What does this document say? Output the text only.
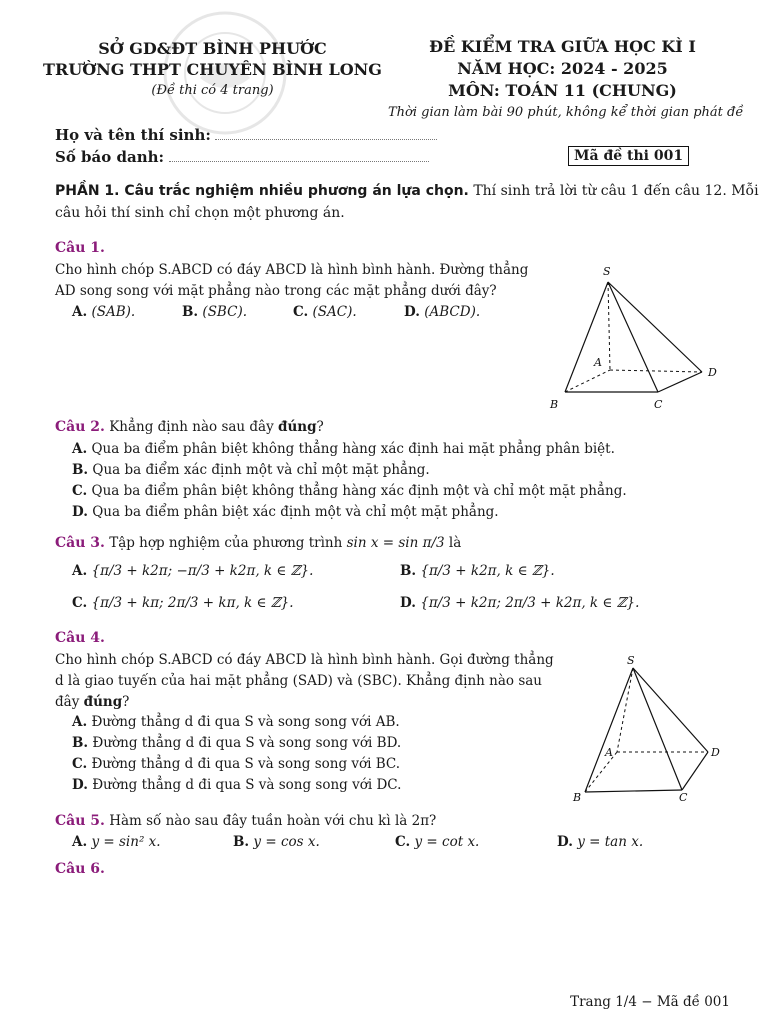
SỞ GD&ĐT BÌNH PHƯỚC
TRƯỜNG THPT CHUYÊN BÌNH LONG
(Đề thi có 4 trang)
ĐỀ KIỂM TRA GIỮA HỌC KÌ I
NĂM HỌC: 2024 - 2025
MÔN: TOÁN 11 (CHUNG)
Thời gian làm bài 90 phút, không kể thời gian phát đề
Họ và tên thí sinh:
Số báo danh:	Mã đề thi 001
PHẦN 1. Câu trắc nghiệm nhiều phương án lựa chọn. Thí sinh trả lời từ câu 1 đến câu 12. Mỗi
câu hỏi thí sinh chỉ chọn một phương án.
Câu 1.
Cho hình chóp S.ABCD có đáy ABCD là hình bình hành. Đường thẳng
AD song song với mặt phẳng nào trong các mặt phẳng dưới đây?
A. (SAB).	B. (SBC).	C. (SAC).	D. (ABCD).
S
A
D
B	C
Câu 2. Khẳng định nào sau đây đúng?
A. Qua ba điểm phân biệt không thẳng hàng xác định hai mặt phẳng phân biệt.
B. Qua ba điểm xác định một và chỉ một mặt phẳng.
C. Qua ba điểm phân biệt không thẳng hàng xác định một và chỉ một mặt phẳng.
D. Qua ba điểm phân biệt xác định một và chỉ một mặt phẳng.
Câu 3. Tập hợp nghiệm của phương trình sin x = sin π/3 là
A. {π/3 + k2π; −π/3 + k2π, k ∈ ℤ}.	B. {π/3 + k2π, k ∈ ℤ}.
C. {π/3 + kπ; 2π/3 + kπ, k ∈ ℤ}.	D. {π/3 + k2π; 2π/3 + k2π, k ∈ ℤ}.
Câu 4.
Cho hình chóp S.ABCD có đáy ABCD là hình bình hành. Gọi đường thẳng
d là giao tuyến của hai mặt phẳng (SAD) và (SBC). Khẳng định nào sau
đây đúng?
A. Đường thẳng d đi qua S và song song với AB.
B. Đường thẳng d đi qua S và song song với BD.
C. Đường thẳng d đi qua S và song song với BC.
D. Đường thẳng d đi qua S và song song với DC.
S
A	D
B	C
Câu 5. Hàm số nào sau đây tuần hoàn với chu kì là 2π?
A. y = sin² x.	B. y = cos x.	C. y = cot x.	D. y = tan x.
Câu 6.
Trang 1/4 − Mã đề 001
